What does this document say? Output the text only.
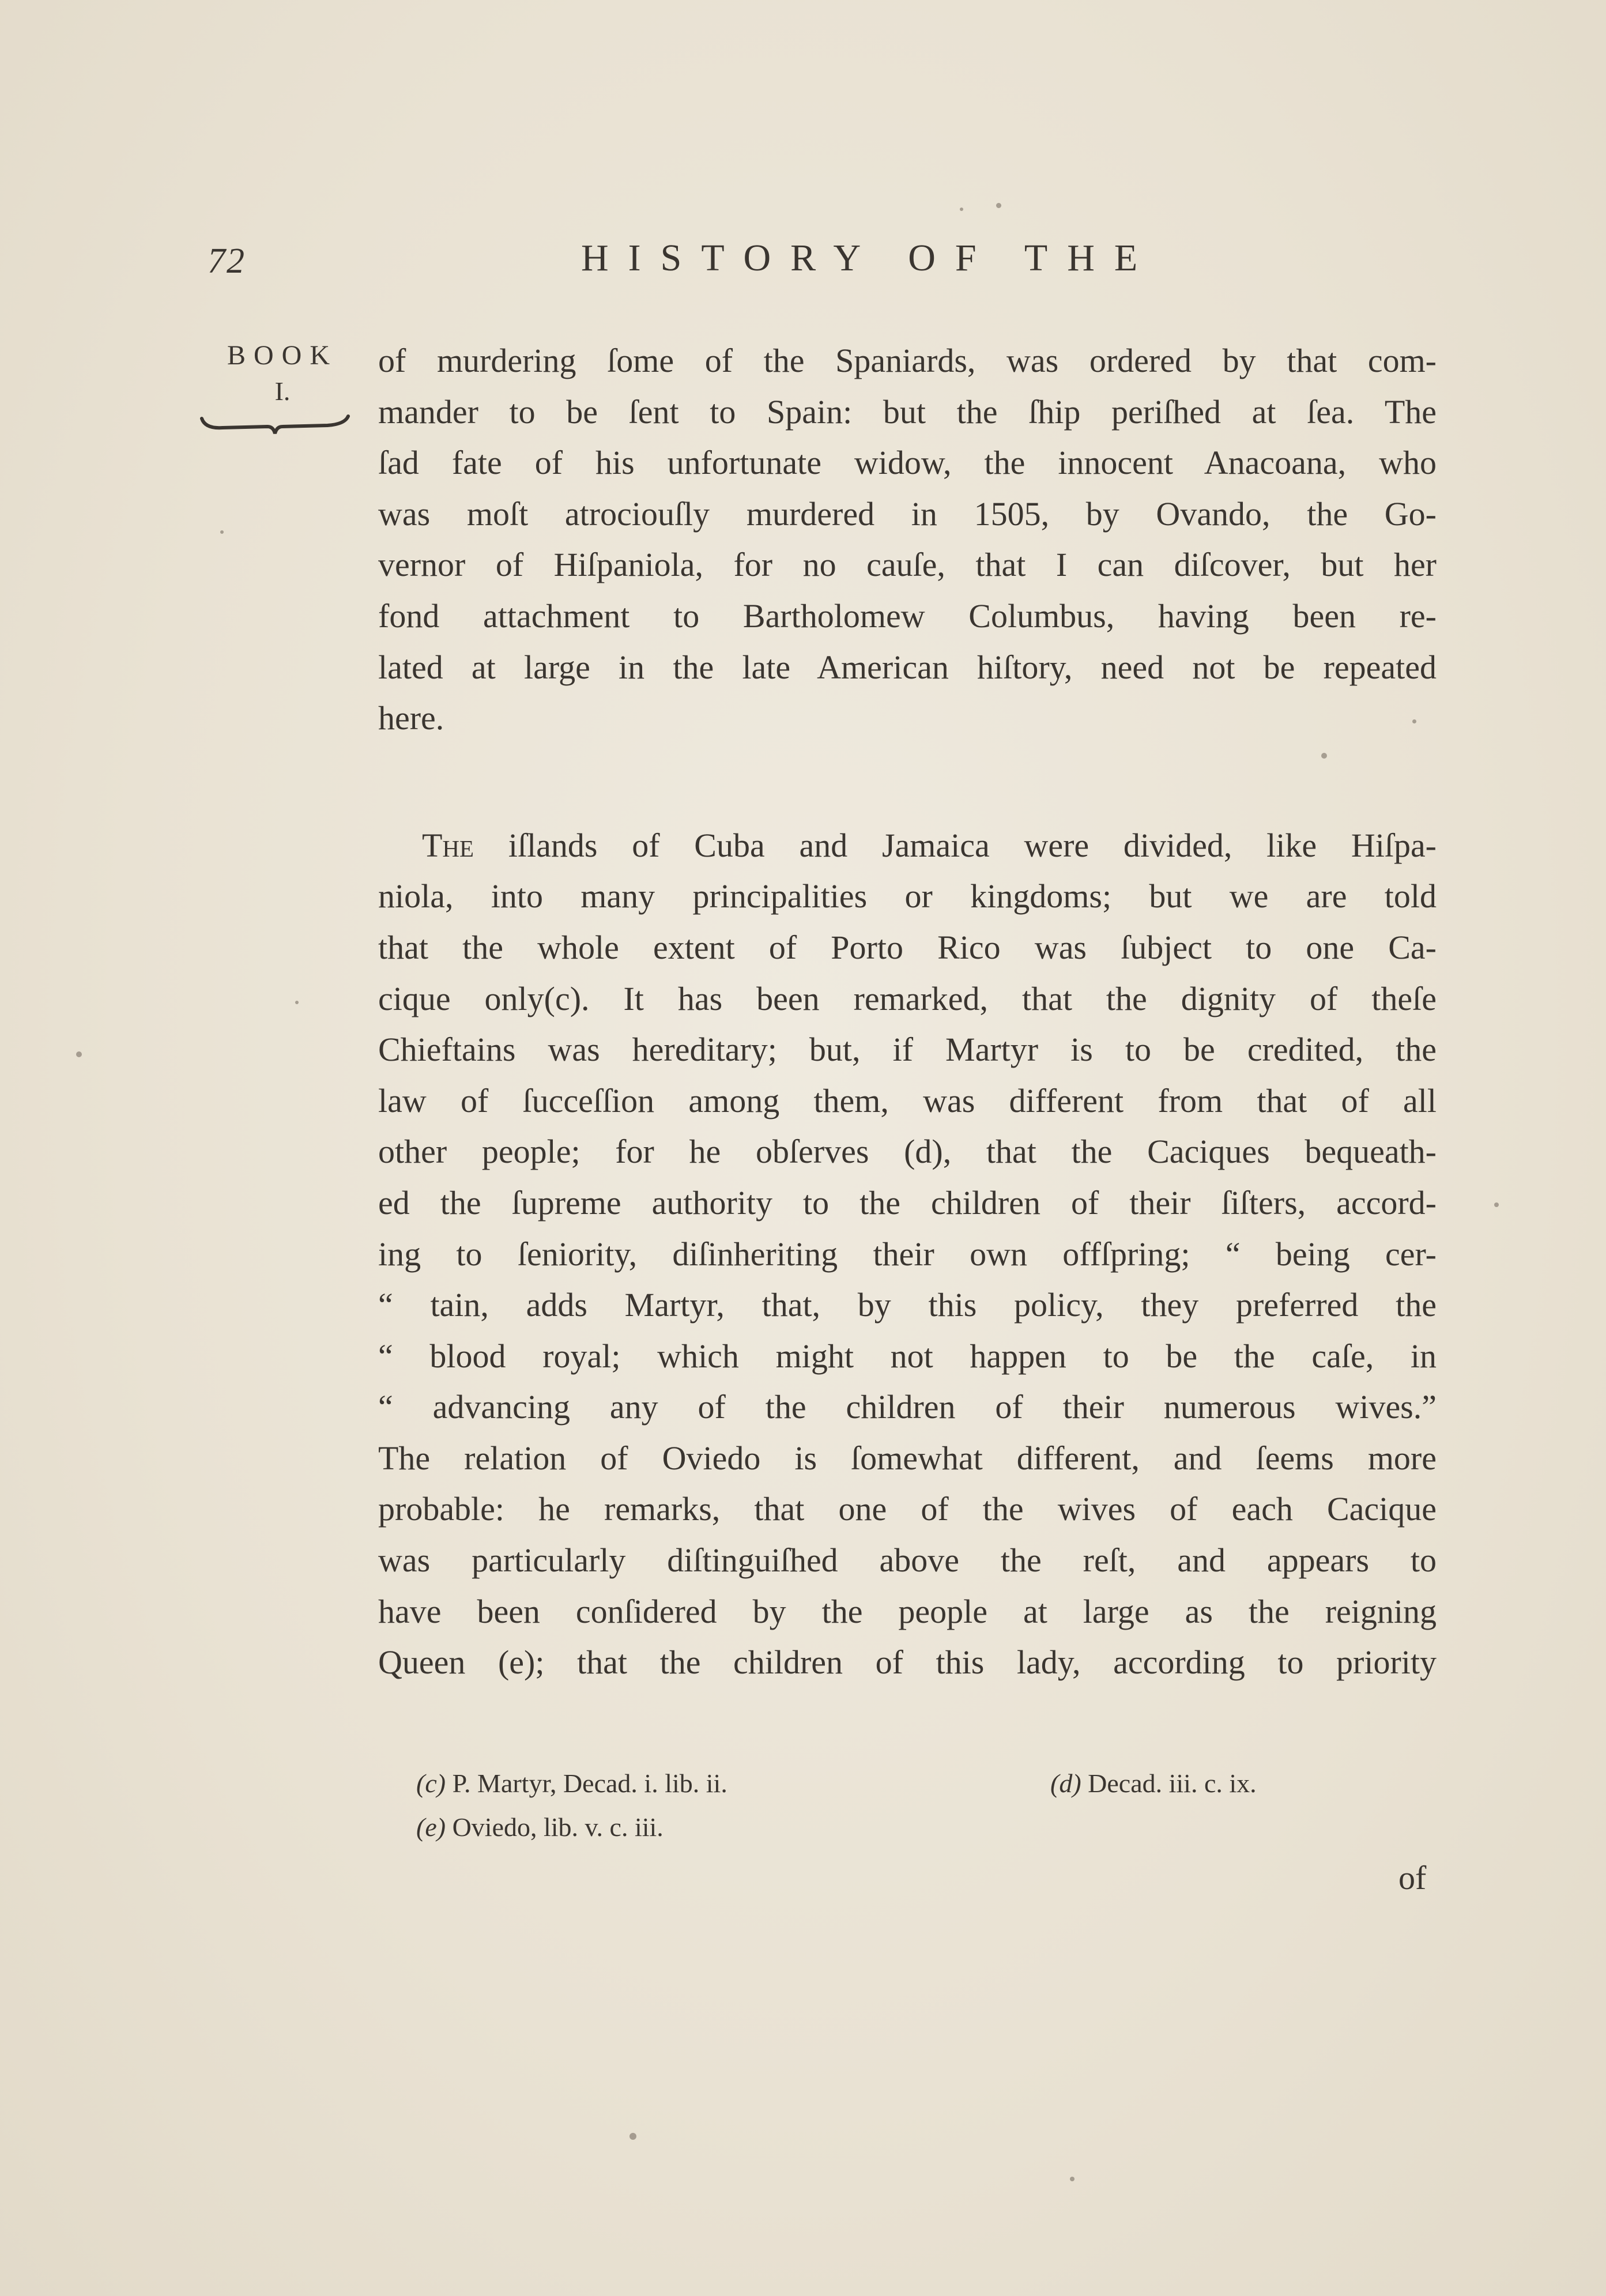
72	HISTORY OF THE
BOOK
I.

of murdering ſome of the Spaniards, was ordered by that com-

mander to be ſent to Spain: but the ſhip periſhed at ſea. The

ſad fate of his unfortunate widow, the innocent Anacoana, who

was moſt atrociouſly murdered in 1505, by Ovando, the Go-

vernor of Hiſpaniola, for no cauſe, that I can diſcover, but her

fond attachment to Bartholomew Columbus, having been re-

lated at large in the late American hiſtory, need not be repeated

here.

The iſlands of Cuba and Jamaica were divided, like Hiſpa-

niola, into many principalities or kingdoms; but we are told

that the whole extent of Porto Rico was ſubject to one Ca-

cique only(c). It has been remarked, that the dignity of theſe

Chieftains was hereditary; but, if Martyr is to be credited, the

law of ſucceſſion among them, was different from that of all

other people; for he obſerves (d), that the Caciques bequeath-

ed the ſupreme authority to the children of their ſiſters, accord-

ing to ſeniority, diſinheriting their own offſpring; “ being cer-

“ tain, adds Martyr, that, by this policy, they preferred the

“ blood royal; which might not happen to be the caſe, in

“ advancing any of the children of their numerous wives.”

The relation of Oviedo is ſomewhat different, and ſeems more

probable: he remarks, that one of the wives of each Cacique

was particularly diſtinguiſhed above the reſt, and appears to

have been conſidered by the people at large as the reigning

Queen (e); that the children of this lady, according to priority

(c) P. Martyr, Decad. i. lib. ii.	(d) Decad. iii. c. ix.
(e) Oviedo, lib. v. c. iii.
of
